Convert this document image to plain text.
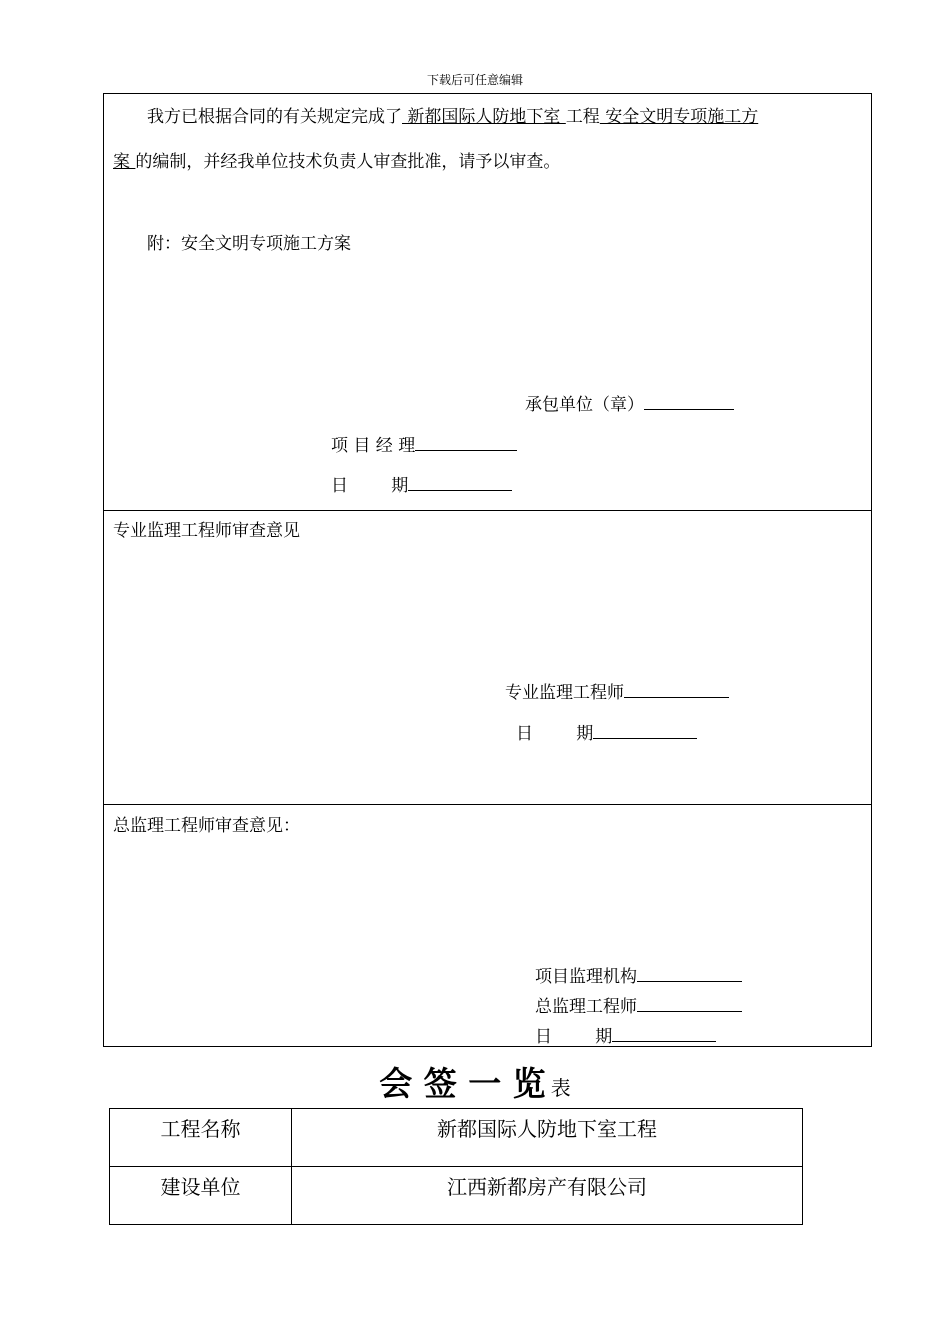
下载后可任意编辑
我方已根据合同的有关规定完成了 新都国际人防地下室 工程 安全文明专项施工方
案 的编制，并经我单位技术负责人审查批准，请予以审查。
附：安全文明专项施工方案
承包单位（章）
项 目 经 理
日        期
专业监理工程师审查意见
专业监理工程师
日        期
总监理工程师审查意见：
项目监理机构
总监理工程师
日        期
会 签 一 览 表
工程名称	新都国际人防地下室工程
建设单位	江西新都房产有限公司
